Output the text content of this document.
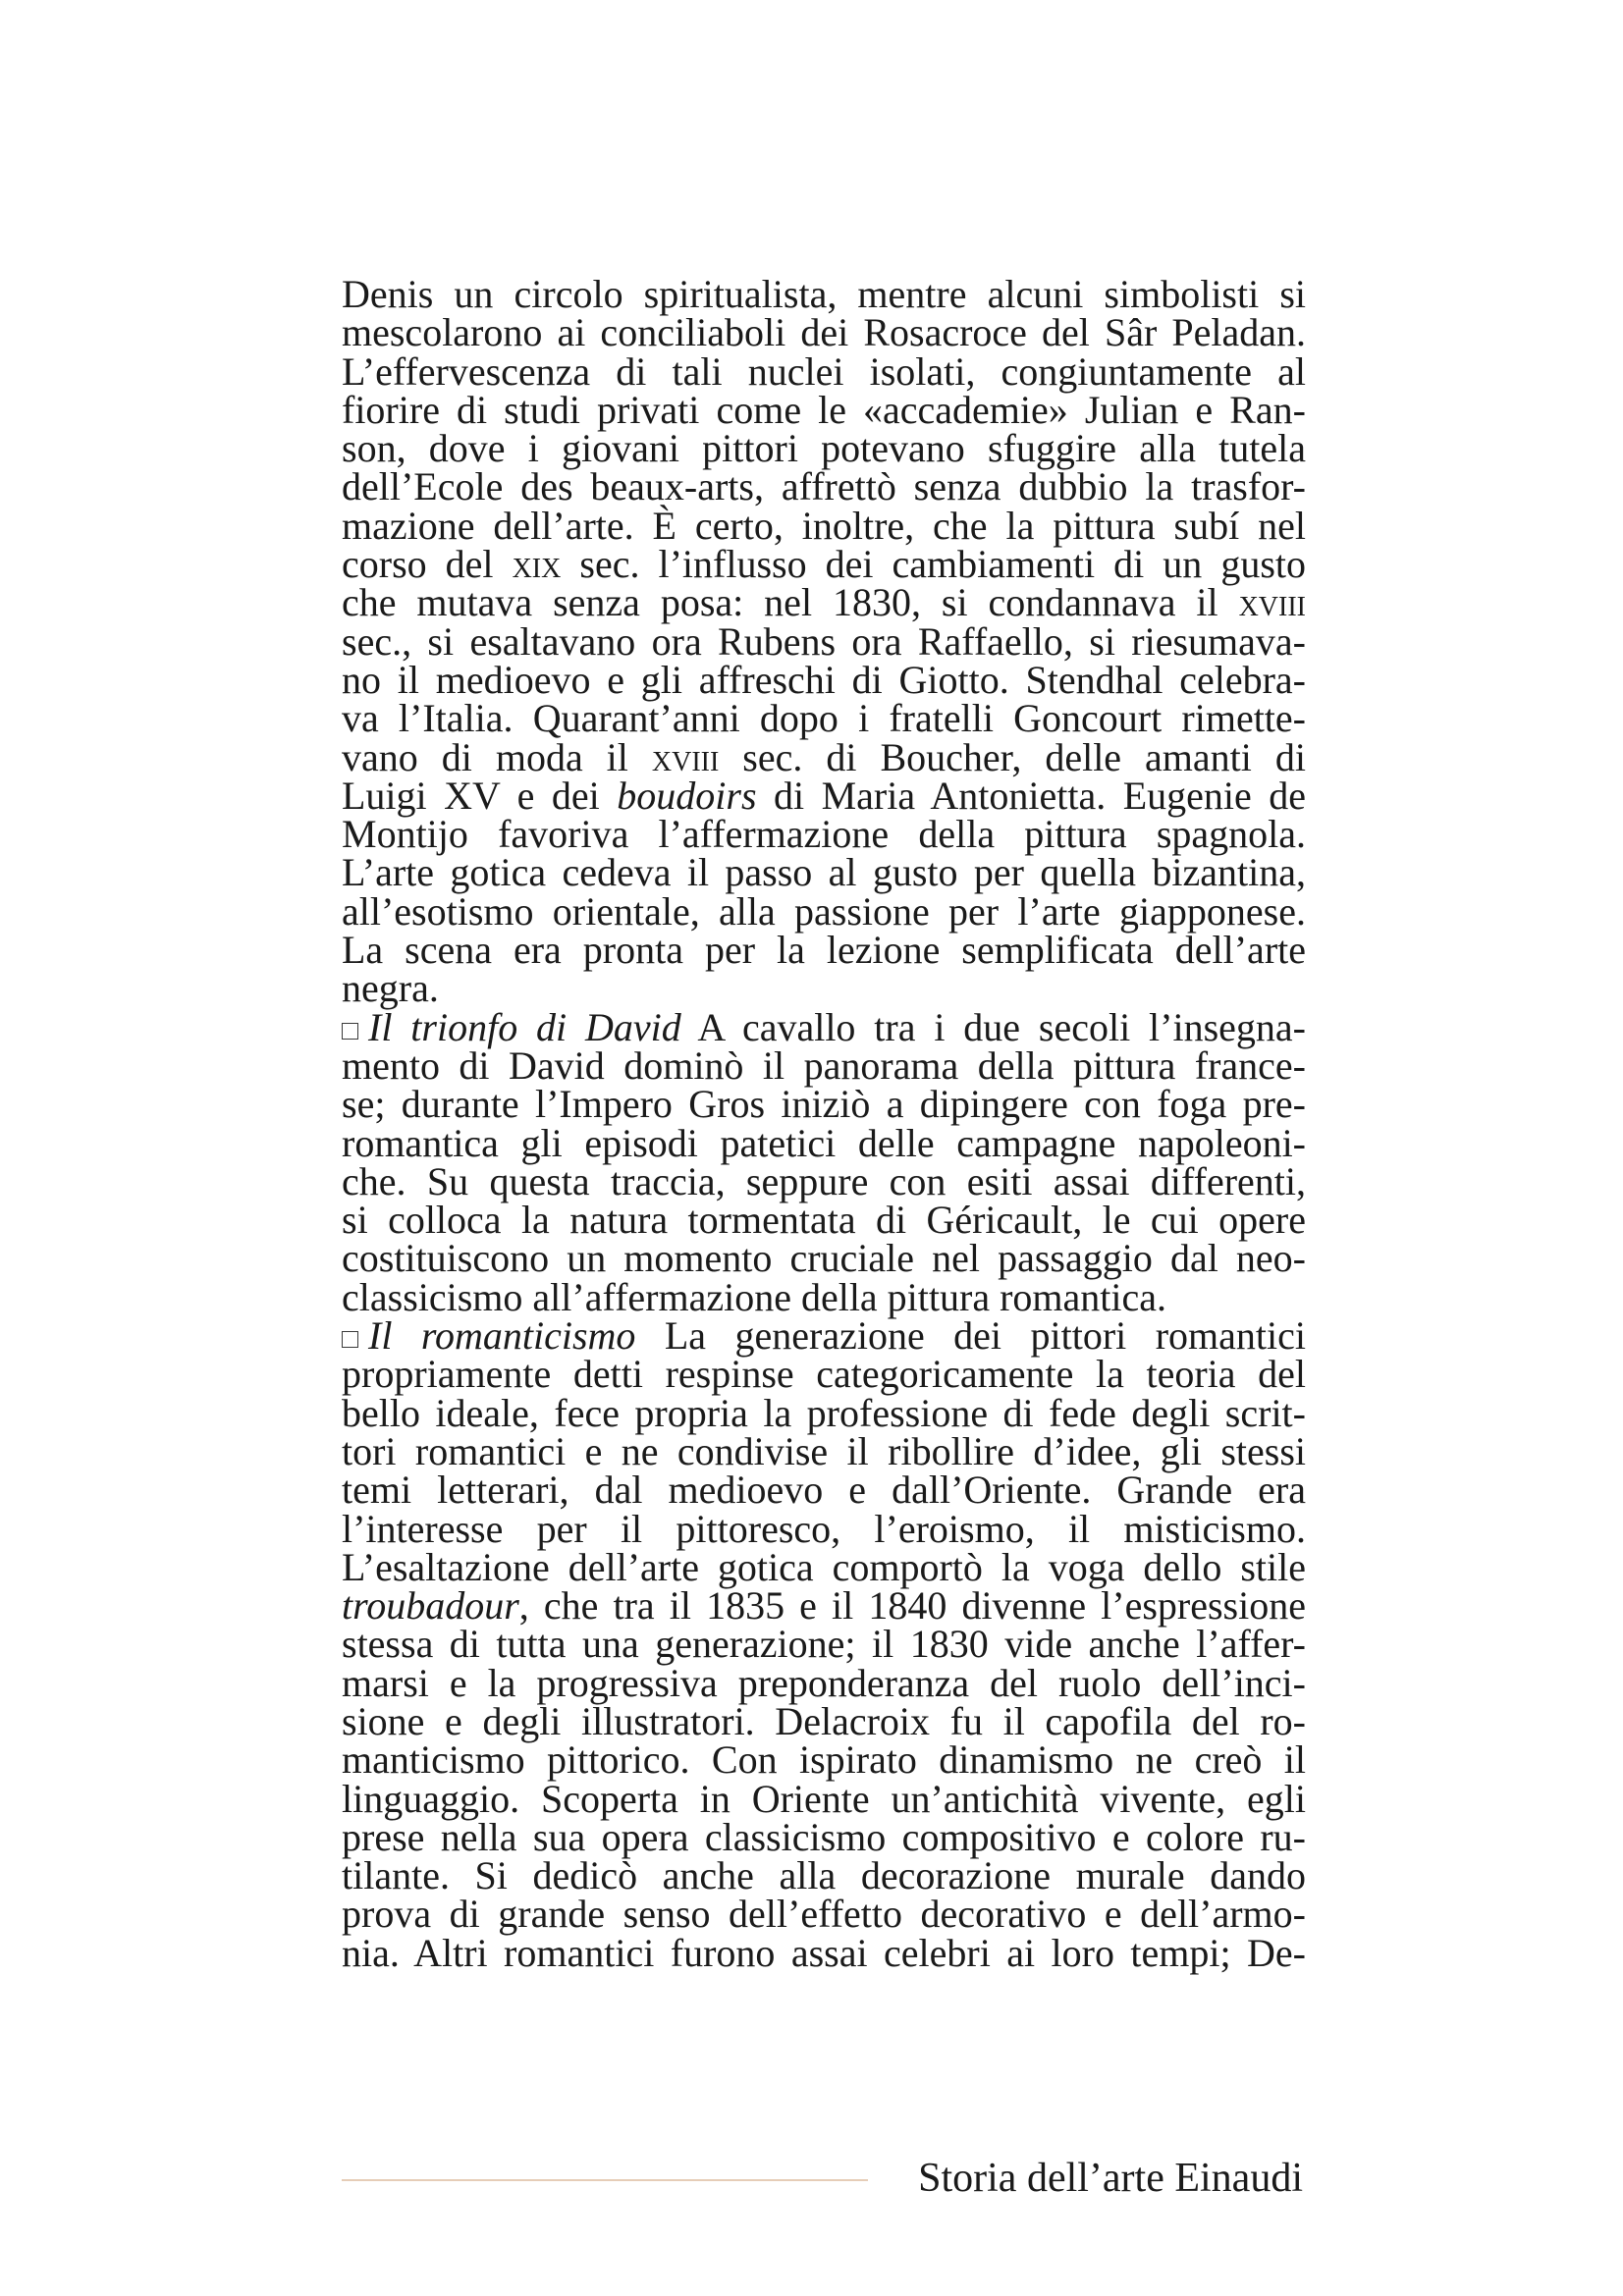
Denis un circolo spiritualista, mentre alcuni simbolisti si
mescolarono ai conciliaboli dei Rosacroce del Sâr Peladan.
L’effervescenza di tali nuclei isolati, congiuntamente al
fiorire di studi privati come le «accademie» Julian e Ran-
son, dove i giovani pittori potevano sfuggire alla tutela
dell’Ecole des beaux-arts, affrettò senza dubbio la trasfor-
mazione dell’arte. È certo, inoltre, che la pittura subí nel
corso del xix sec. l’influsso dei cambiamenti di un gusto
che mutava senza posa: nel 1830, si condannava il xviii
sec., si esaltavano ora Rubens ora Raffaello, si riesumava-
no il medioevo e gli affreschi di Giotto. Stendhal celebra-
va l’Italia. Quarant’anni dopo i fratelli Goncourt rimette-
vano di moda il xviii sec. di Boucher, delle amanti di
Luigi XV e dei boudoirs di Maria Antonietta. Eugenie de
Montijo favoriva l’affermazione della pittura spagnola.
L’arte gotica cedeva il passo al gusto per quella bizantina,
all’esotismo orientale, alla passione per l’arte giapponese.
La scena era pronta per la lezione semplificata dell’arte
negra.
Il trionfo di David A cavallo tra i due secoli l’insegna-
mento di David dominò il panorama della pittura france-
se; durante l’Impero Gros iniziò a dipingere con foga pre-
romantica gli episodi patetici delle campagne napoleoni-
che. Su questa traccia, seppure con esiti assai differenti,
si colloca la natura tormentata di Géricault, le cui opere
costituiscono un momento cruciale nel passaggio dal neo-
classicismo all’affermazione della pittura romantica.
Il romanticismo La generazione dei pittori romantici
propriamente detti respinse categoricamente la teoria del
bello ideale, fece propria la professione di fede degli scrit-
tori romantici e ne condivise il ribollire d’idee, gli stessi
temi letterari, dal medioevo e dall’Oriente. Grande era
l’interesse per il pittoresco, l’eroismo, il misticismo.
L’esaltazione dell’arte gotica comportò la voga dello stile
troubadour, che tra il 1835 e il 1840 divenne l’espressione
stessa di tutta una generazione; il 1830 vide anche l’affer-
marsi e la progressiva preponderanza del ruolo dell’inci-
sione e degli illustratori. Delacroix fu il capofila del ro-
manticismo pittorico. Con ispirato dinamismo ne creò il
linguaggio. Scoperta in Oriente un’antichità vivente, egli
prese nella sua opera classicismo compositivo e colore ru-
tilante. Si dedicò anche alla decorazione murale dando
prova di grande senso dell’effetto decorativo e dell’armo-
nia. Altri romantici furono assai celebri ai loro tempi; De-
Storia dell’arte Einaudi
